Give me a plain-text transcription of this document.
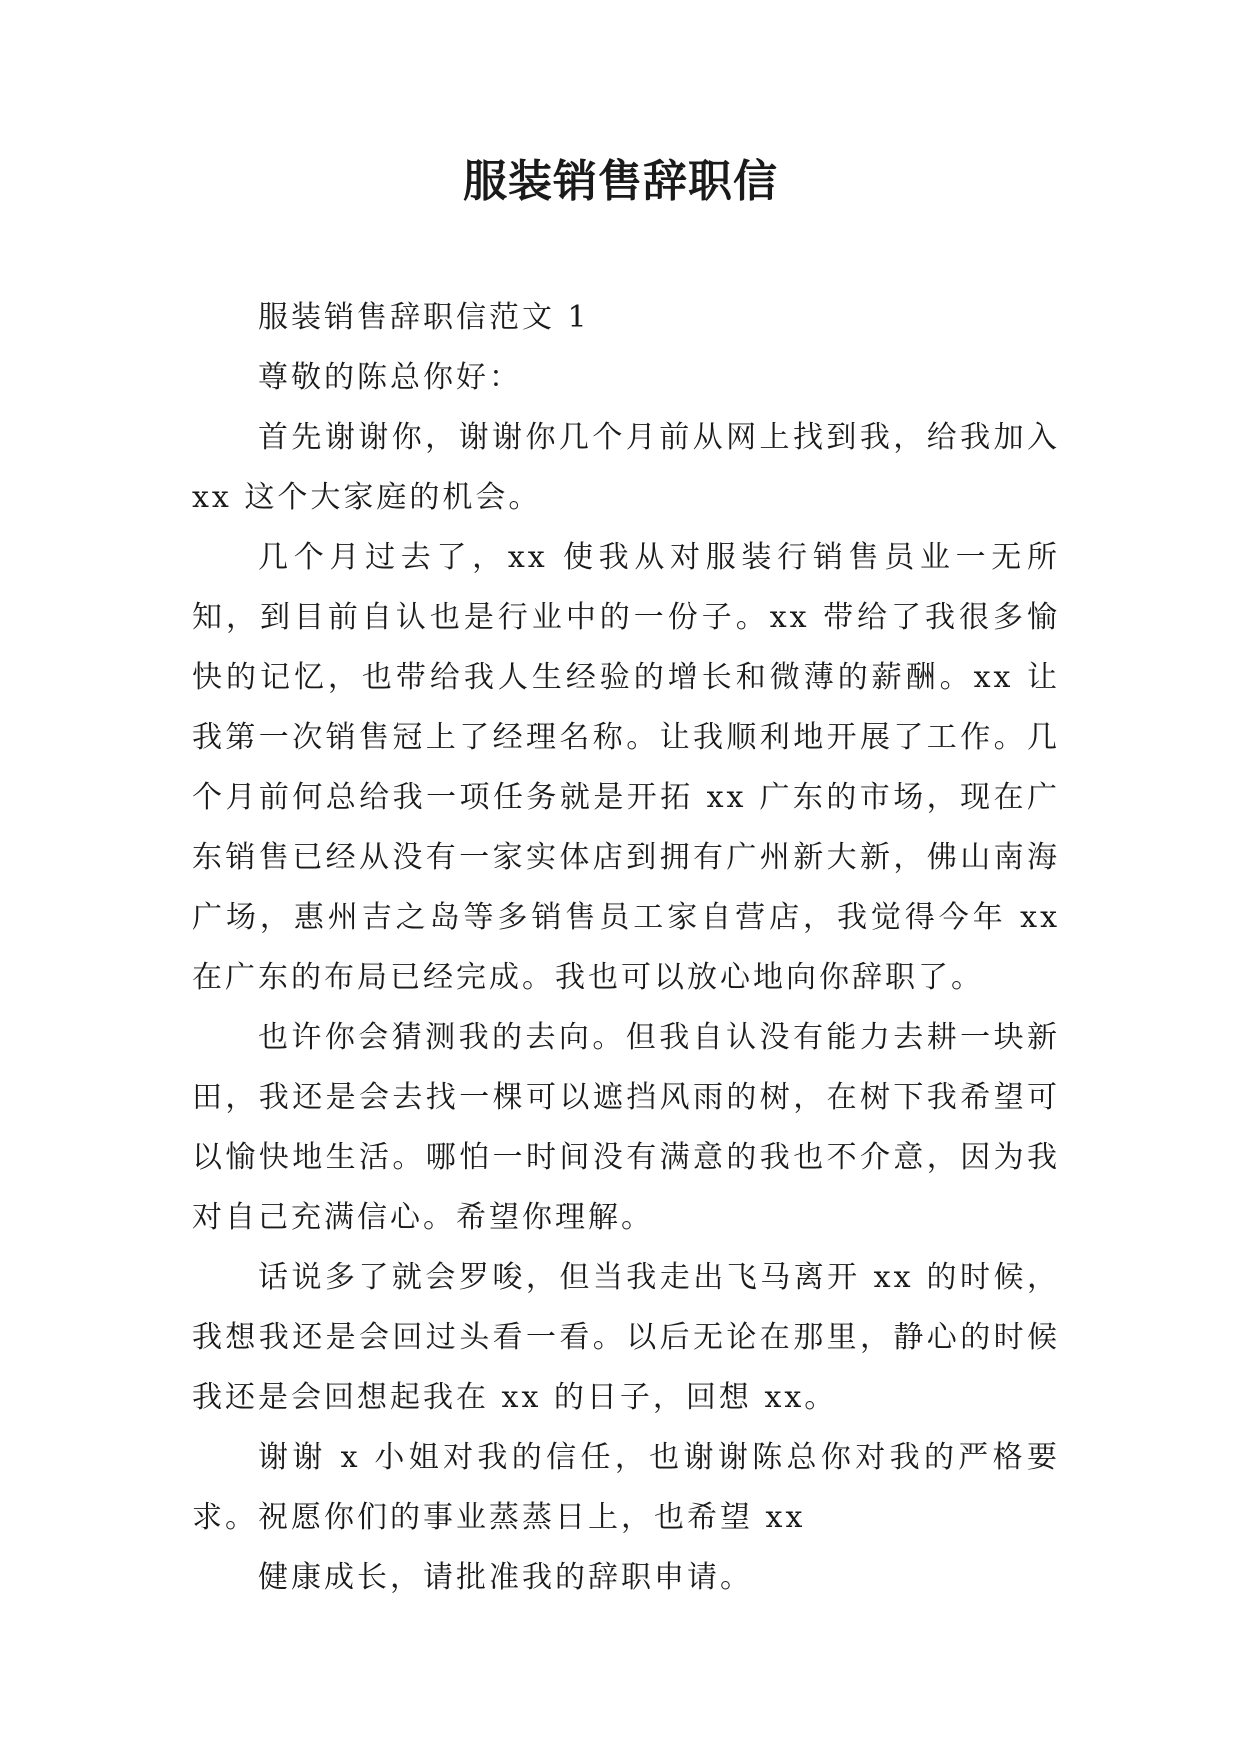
服装销售辞职信

服装销售辞职信范文 1

尊敬的陈总你好：

首先谢谢你，谢谢你几个月前从网上找到我，给我加入 xx 这个大家庭的机会。

几个月过去了，xx 使我从对服装行销售员业一无所知，到目前自认也是行业中的一份子。xx 带给了我很多愉快的记忆，也带给我人生经验的增长和微薄的薪酬。xx 让我第一次销售冠上了经理名称。让我顺利地开展了工作。几个月前何总给我一项任务就是开拓 xx 广东的市场，现在广东销售已经从没有一家实体店到拥有广州新大新，佛山南海广场，惠州吉之岛等多销售员工家自营店，我觉得今年 xx 在广东的布局已经完成。我也可以放心地向你辞职了。

也许你会猜测我的去向。但我自认没有能力去耕一块新田，我还是会去找一棵可以遮挡风雨的树，在树下我希望可以愉快地生活。哪怕一时间没有满意的我也不介意，因为我对自己充满信心。希望你理解。

话说多了就会罗唆，但当我走出飞马离开 xx 的时候，我想我还是会回过头看一看。以后无论在那里，静心的时候我还是会回想起我在 xx 的日子，回想 xx。

谢谢 x 小姐对我的信任，也谢谢陈总你对我的严格要求。祝愿你们的事业蒸蒸日上，也希望 xx

健康成长，请批准我的辞职申请。
